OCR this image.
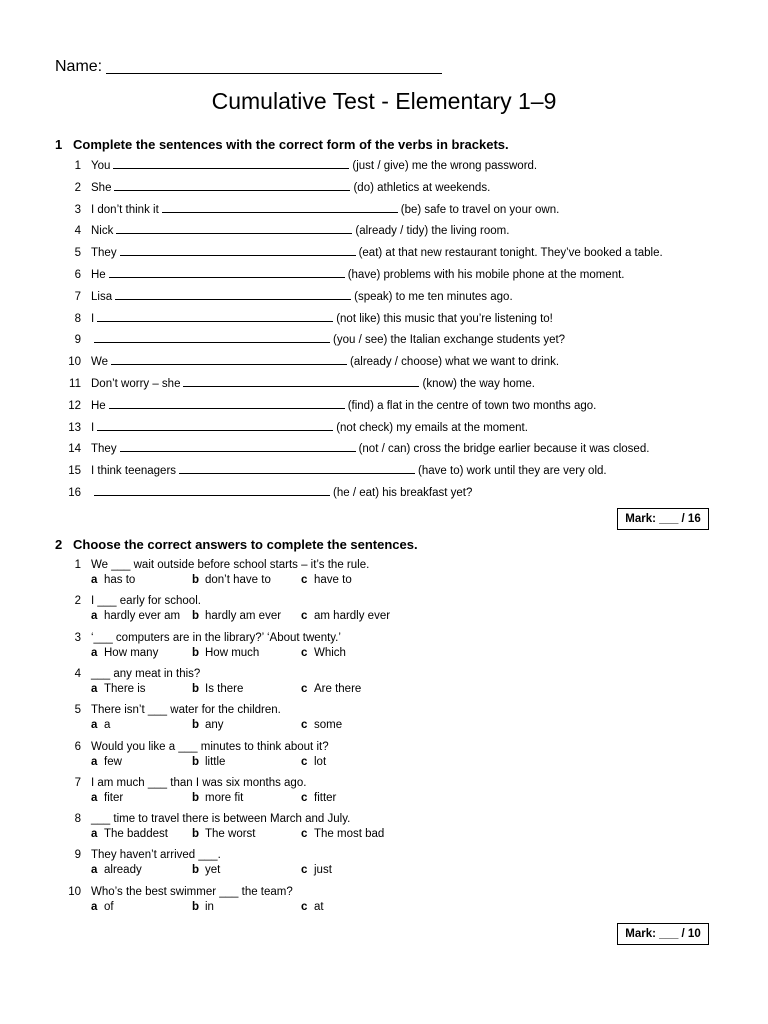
Name:
Cumulative Test - Elementary 1–9
1 Complete the sentences with the correct form of the verbs in brackets.
1 You	(just / give) me the wrong password.
2 She	(do) athletics at weekends.
3 I don’t think it	(be) safe to travel on your own.
4 Nick	(already / tidy) the living room.
5 They	(eat) at that new restaurant tonight. They’ve booked a table.
6 He	(have) problems with his mobile phone at the moment.
7 Lisa	(speak) to me ten minutes ago.
8 I	(not like) this music that you’re listening to!
9	(you / see) the Italian exchange students yet?
10 We	(already / choose) what we want to drink.
11 Don’t worry – she	(know) the way home.
12 He	(find) a flat in the centre of town two months ago.
13 I	(not check) my emails at the moment.
14 They	(not / can) cross the bridge earlier because it was closed.
15 I think teenagers	(have to) work until they are very old.
16	(he / eat) his breakfast yet?
Mark: ___ / 16
2 Choose the correct answers to complete the sentences.
1 We ___ wait outside before school starts – it’s the rule.
a has to	b don’t have to	c have to
2 I ___ early for school.
a hardly ever am b hardly am ever c am hardly ever
3 ‘___ computers are in the library?’ ‘About twenty.’
a How many	b How much	c Which
4 ___ any meat in this?
a There is	b Is there	c Are there
5 There isn’t ___ water for the children.
a a	b any	c some
6 Would you like a ___ minutes to think about it?
a few	b little	c lot
7 I am much ___ than I was six months ago.
a fiter	b more fit	c fitter
8 ___ time to travel there is between March and July.
a The baddest b The worst	c The most bad
9 They haven’t arrived ___.
a already	b yet	c just
10 Who’s the best swimmer ___ the team?
a of	b in	c at
Mark: ___ / 10
